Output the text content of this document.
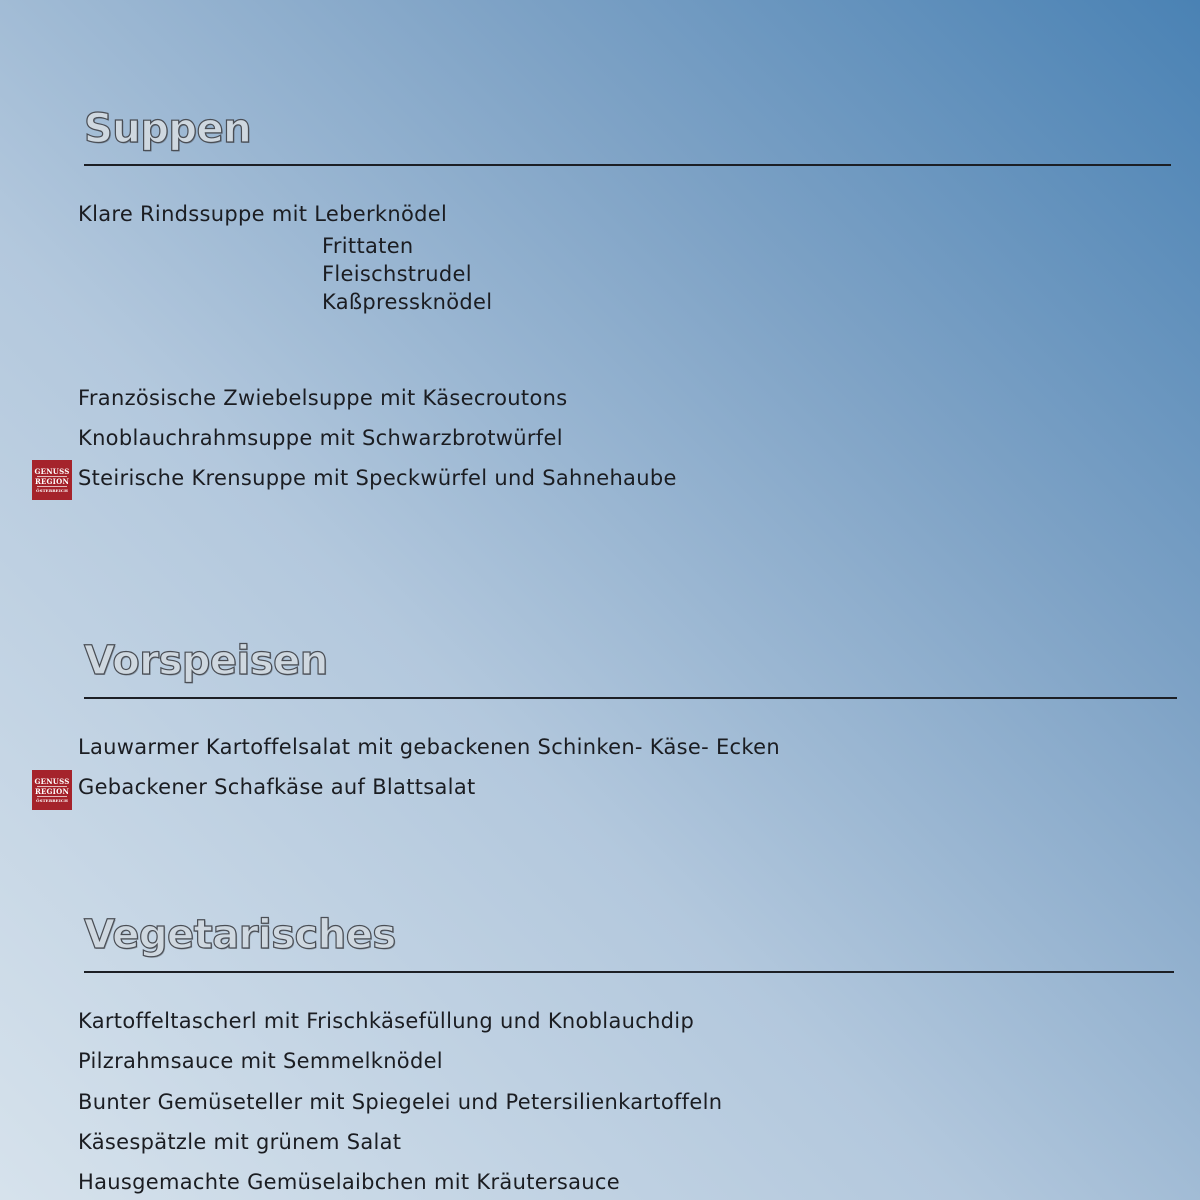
Suppen
Klare Rindssuppe mit Leberknödel
Frittaten
Fleischstrudel
Kaßpressknödel
Französische Zwiebelsuppe mit Käsecroutons
Knoblauchrahmsuppe mit Schwarzbrotwürfel
GENUSS
REGION
ÖSTERREICH
Steirische Krensuppe mit Speckwürfel und Sahnehaube
Vorspeisen
Lauwarmer Kartoffelsalat mit gebackenen Schinken- Käse- Ecken
GENUSS
REGION
ÖSTERREICH
Gebackener Schafkäse auf Blattsalat
Vegetarisches
Kartoffeltascherl mit Frischkäsefüllung und Knoblauchdip
Pilzrahmsauce mit Semmelknödel
Bunter Gemüseteller mit Spiegelei und Petersilienkartoffeln
Käsespätzle mit grünem Salat
Hausgemachte Gemüselaibchen mit Kräutersauce
